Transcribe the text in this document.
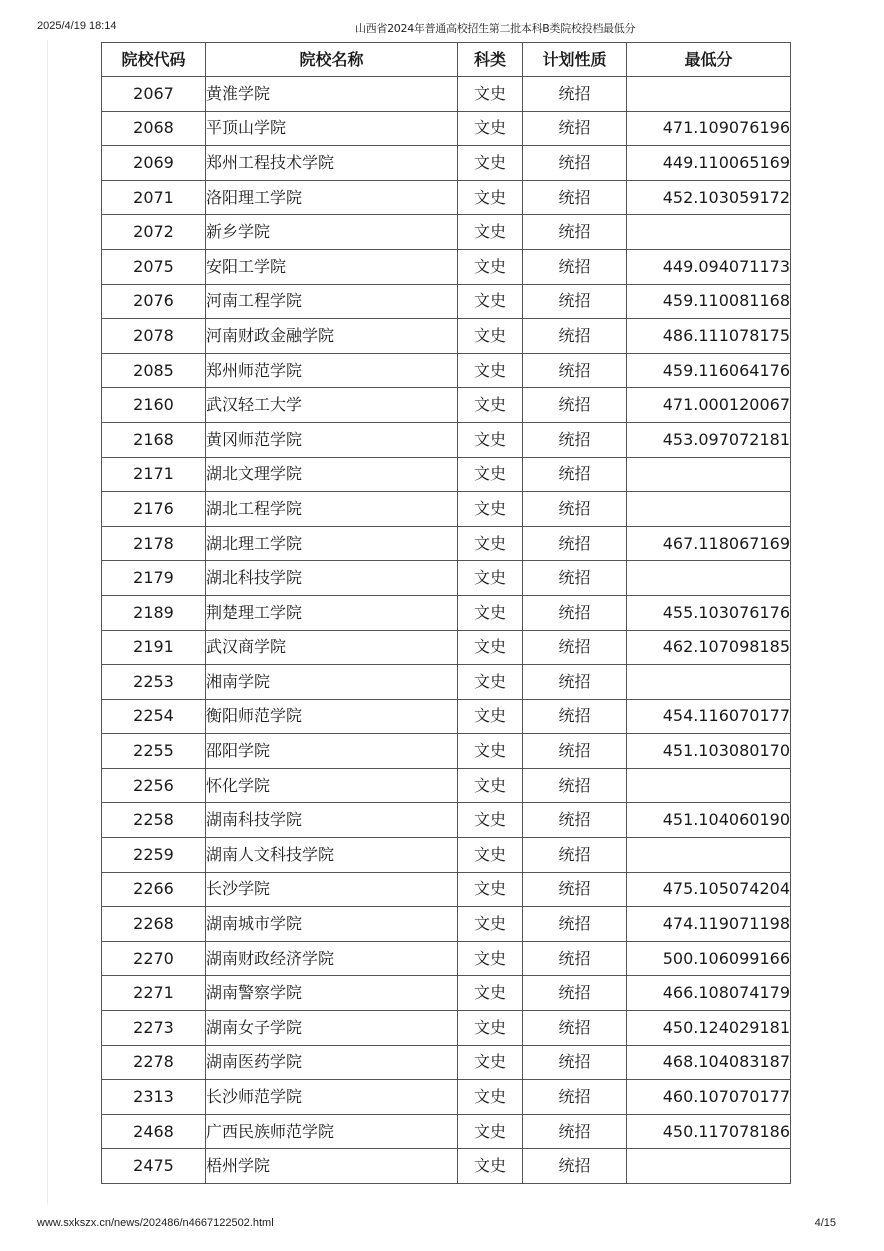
2025/4/19 18:14	山西省2024年普通高校招生第二批本科B类院校投档最低分
院校代码	院校名称	科类	计划性质	最低分
2067	黄淮学院	文史	统招	
2068	平顶山学院	文史	统招	471.109076196
2069	郑州工程技术学院	文史	统招	449.110065169
2071	洛阳理工学院	文史	统招	452.103059172
2072	新乡学院	文史	统招	
2075	安阳工学院	文史	统招	449.094071173
2076	河南工程学院	文史	统招	459.110081168
2078	河南财政金融学院	文史	统招	486.111078175
2085	郑州师范学院	文史	统招	459.116064176
2160	武汉轻工大学	文史	统招	471.000120067
2168	黄冈师范学院	文史	统招	453.097072181
2171	湖北文理学院	文史	统招	
2176	湖北工程学院	文史	统招	
2178	湖北理工学院	文史	统招	467.118067169
2179	湖北科技学院	文史	统招	
2189	荆楚理工学院	文史	统招	455.103076176
2191	武汉商学院	文史	统招	462.107098185
2253	湘南学院	文史	统招	
2254	衡阳师范学院	文史	统招	454.116070177
2255	邵阳学院	文史	统招	451.103080170
2256	怀化学院	文史	统招	
2258	湖南科技学院	文史	统招	451.104060190
2259	湖南人文科技学院	文史	统招	
2266	长沙学院	文史	统招	475.105074204
2268	湖南城市学院	文史	统招	474.119071198
2270	湖南财政经济学院	文史	统招	500.106099166
2271	湖南警察学院	文史	统招	466.108074179
2273	湖南女子学院	文史	统招	450.124029181
2278	湖南医药学院	文史	统招	468.104083187
2313	长沙师范学院	文史	统招	460.107070177
2468	广西民族师范学院	文史	统招	450.117078186
2475	梧州学院	文史	统招	
www.sxkszx.cn/news/202486/n4667122502.html	4/15
